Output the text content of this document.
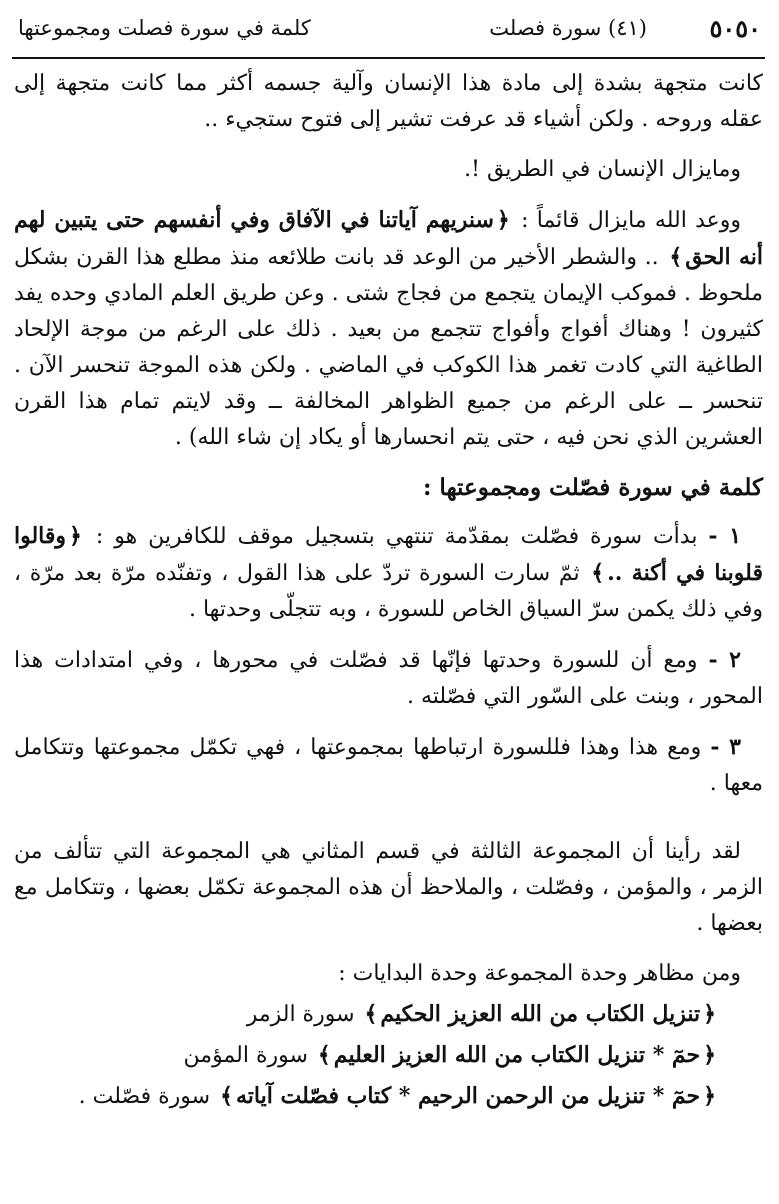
٥٠٥٠
(٤١) سورة فصلت
كلمة في سورة فصلت ومجموعتها

كانت متجهة بشدة إلى مادة هذا الإنسان وآلية جسمه أكثر مما كانت متجهة إلى عقله وروحه . ولكن أشياء قد عرفت تشير إلى فتوح ستجيء ..

ومايزال الإنسان في الطريق !.

ووعد الله مايزال قائماً : ﴿سنريهم آياتنا في الآفاق وفي أنفسهم حتى يتبين لهم أنه الحق﴾ .. والشطر الأخير من الوعد قد بانت طلائعه منذ مطلع هذا القرن بشكل ملحوظ . فموكب الإيمان يتجمع من فجاج شتى . وعن طريق العلم المادي وحده يفد كثيرون ! وهناك أفواج وأفواج تتجمع من بعيد . ذلك على الرغم من موجة الإلحاد الطاغية التي كادت تغمر هذا الكوكب في الماضي . ولكن هذه الموجة تنحسر الآن . تنحسر ــ على الرغم من جميع الظواهر المخالفة ــ وقد لايتم تمام هذا القرن العشرين الذي نحن فيه ، حتى يتم انحسارها أو يكاد إن شاء الله) .

كلمة في سورة فصّلت ومجموعتها :

١ - بدأت سورة فصّلت بمقدّمة تنتهي بتسجيل موقف للكافرين هو : ﴿وقالوا قلوبنا في أكنة ..﴾ ثمّ سارت السورة تردّ على هذا القول ، وتفنّده مرّة بعد مرّة ، وفي ذلك يكمن سرّ السياق الخاص للسورة ، وبه تتجلّى وحدتها .

٢ - ومع أن للسورة وحدتها فإنّها قد فصّلت في محورها ، وفي امتدادات هذا المحور ، وبنت على السّور التي فصّلته .

٣ - ومع هذا وهذا فللسورة ارتباطها بمجموعتها ، فهي تكمّل مجموعتها وتتكامل معها .

لقد رأينا أن المجموعة الثالثة في قسم المثاني هي المجموعة التي تتألف من الزمر ، والمؤمن ، وفصّلت ، والملاحظ أن هذه المجموعة تكمّل بعضها ، وتتكامل مع بعضها .

ومن مظاهر وحدة المجموعة وحدة البدايات :

﴿تنزيل الكتاب من الله العزيز الحكيم﴾ سورة الزمر

﴿حمٓ * تنزيل الكتاب من الله العزيز العليم﴾ سورة المؤمن

﴿حمٓ * تنزيل من الرحمن الرحيم * كتاب فصّلت آياته﴾ سورة فصّلت .
